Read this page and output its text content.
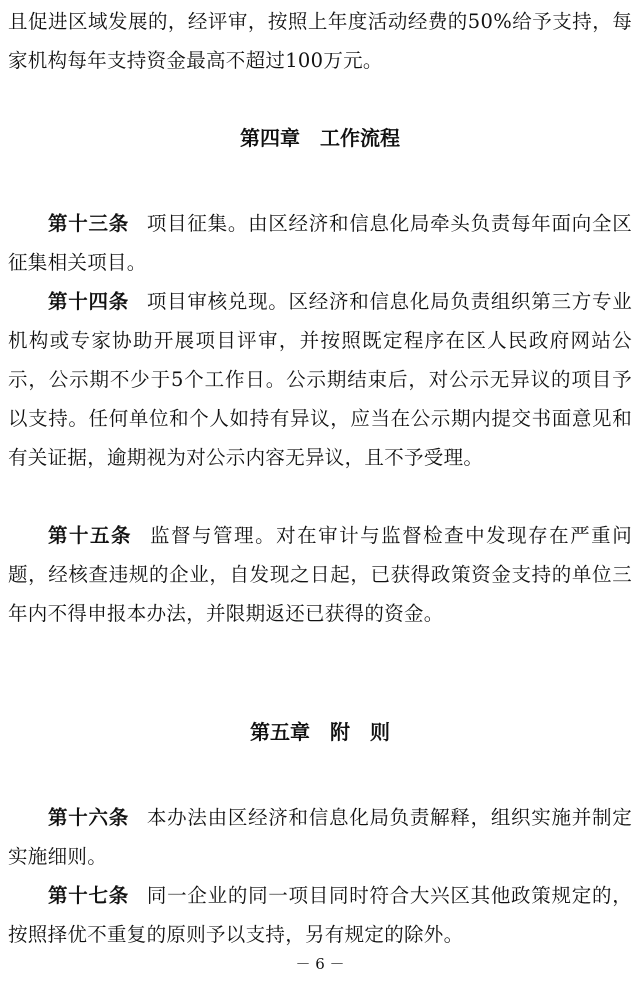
且促进区域发展的，经评审，按照上年度活动经费的50%给予支持，每家机构每年支持资金最高不超过100万元。

第四章　工作流程

第十三条 项目征集。由区经济和信息化局牵头负责每年面向全区征集相关项目。

第十四条 项目审核兑现。区经济和信息化局负责组织第三方专业机构或专家协助开展项目评审，并按照既定程序在区人民政府网站公示，公示期不少于5个工作日。公示期结束后，对公示无异议的项目予以支持。任何单位和个人如持有异议，应当在公示期内提交书面意见和有关证据，逾期视为对公示内容无异议，且不予受理。

第十五条 监督与管理。对在审计与监督检查中发现存在严重问题，经核查违规的企业，自发现之日起，已获得政策资金支持的单位三年内不得申报本办法，并限期返还已获得的资金。

第五章　附　则

第十六条 本办法由区经济和信息化局负责解释，组织实施并制定实施细则。

第十七条 同一企业的同一项目同时符合大兴区其他政策规定的，按照择优不重复的原则予以支持，另有规定的除外。

－ 6 －
